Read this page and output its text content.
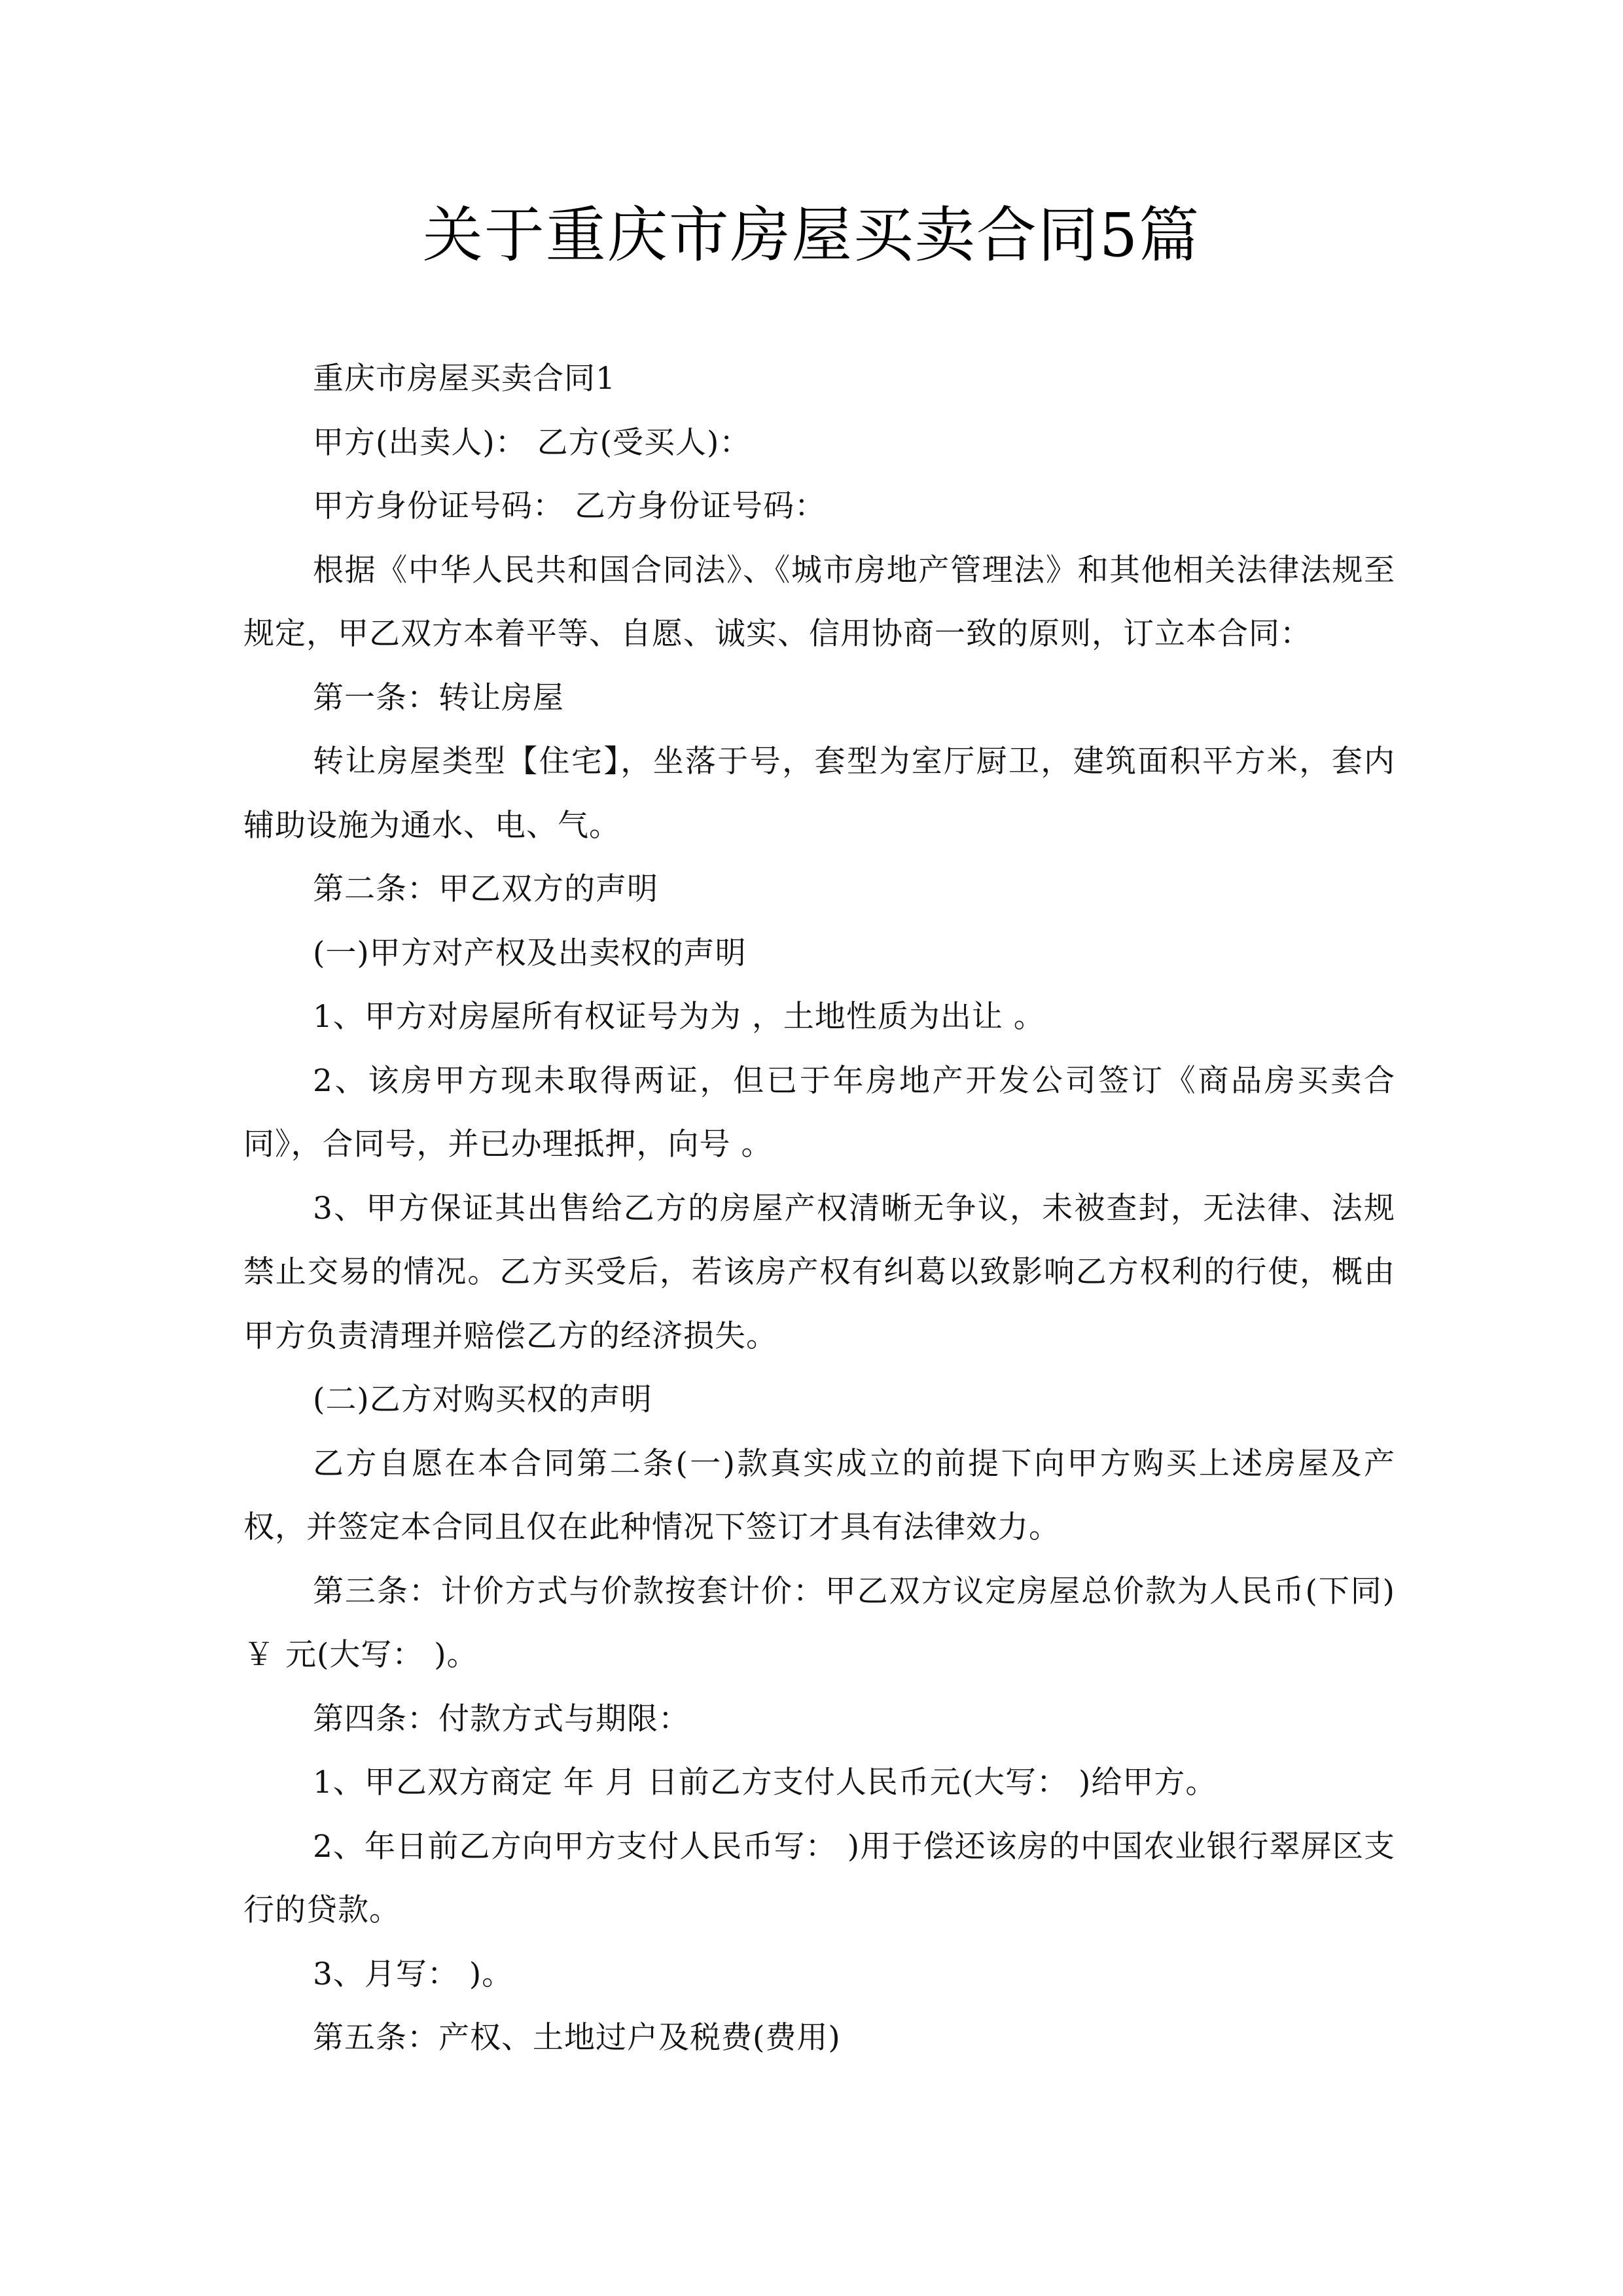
关于重庆市房屋买卖合同5篇

重庆市房屋买卖合同1

甲方(出卖人)： 乙方(受买人)：

甲方身份证号码： 乙方身份证号码：

根据《中华人民共和国合同法》、《城市房地产管理法》和其他相关法律法规至规定，甲乙双方本着平等、自愿、诚实、信用协商一致的原则，订立本合同：

第一条：转让房屋

转让房屋类型【住宅】，坐落于号，套型为室厅厨卫，建筑面积平方米，套内辅助设施为通水、电、气。

第二条：甲乙双方的声明

(一)甲方对产权及出卖权的声明

1、甲方对房屋所有权证号为为 ，土地性质为出让 。

2、该房甲方现未取得两证，但已于年房地产开发公司签订《商品房买卖合同》，合同号，并已办理抵押，向号 。

3、甲方保证其出售给乙方的房屋产权清晰无争议，未被查封，无法律、法规禁止交易的情况。乙方买受后，若该房产权有纠葛以致影响乙方权利的行使，概由甲方负责清理并赔偿乙方的经济损失。

(二)乙方对购买权的声明

乙方自愿在本合同第二条(一)款真实成立的前提下向甲方购买上述房屋及产权，并签定本合同且仅在此种情况下签订才具有法律效力。

第三条：计价方式与价款按套计价：甲乙双方议定房屋总价款为人民币(下同)￥ 元(大写： )。

第四条：付款方式与期限：

1、甲乙双方商定 年 月 日前乙方支付人民币元(大写： )给甲方。

2、年日前乙方向甲方支付人民币写： )用于偿还该房的中国农业银行翠屏区支行的贷款。

3、月写： )。

第五条：产权、土地过户及税费(费用)
